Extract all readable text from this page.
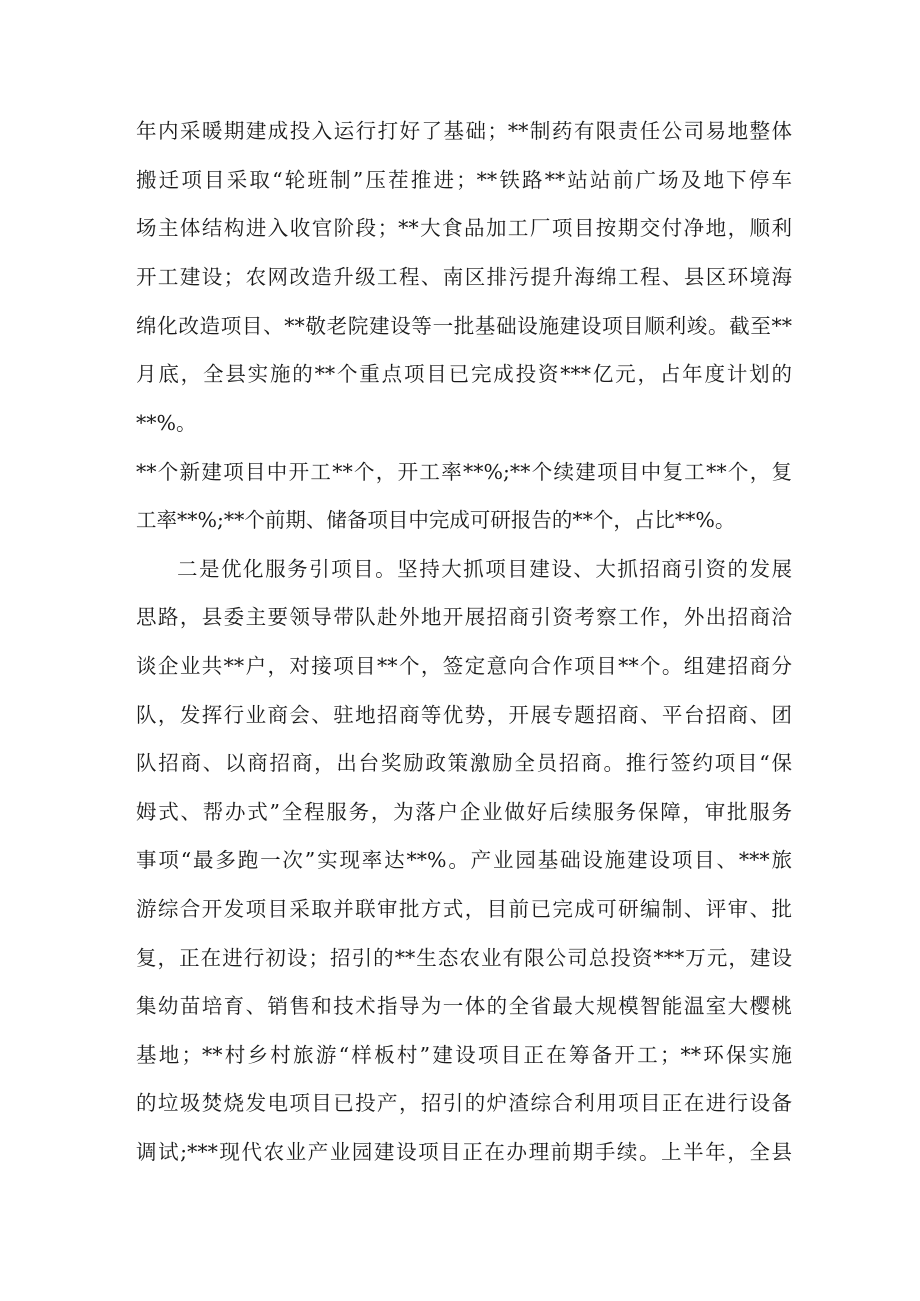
年内采暖期建成投入运行打好了基础；**制药有限责任公司易地整体
搬迁项目采取“轮班制”压茬推进；**铁路**站站前广场及地下停车
场主体结构进入收官阶段；**大食品加工厂项目按期交付净地，顺利
开工建设；农网改造升级工程、南区排污提升海绵工程、县区环境海
绵化改造项目、**敬老院建设等一批基础设施建设项目顺利竣。截至**
月底，全县实施的**个重点项目已完成投资***亿元，占年度计划的
**%。
**个新建项目中开工**个，开工率**%;**个续建项目中复工**个，复
工率**%;**个前期、储备项目中完成可研报告的**个，占比**%。
二是优化服务引项目。坚持大抓项目建设、大抓招商引资的发展
思路，县委主要领导带队赴外地开展招商引资考察工作，外出招商洽
谈企业共**户，对接项目**个，签定意向合作项目**个。组建招商分
队，发挥行业商会、驻地招商等优势，开展专题招商、平台招商、团
队招商、以商招商，出台奖励政策激励全员招商。推行签约项目“保
姆式、帮办式”全程服务，为落户企业做好后续服务保障，审批服务
事项“最多跑一次”实现率达**%。产业园基础设施建设项目、***旅
游综合开发项目采取并联审批方式，目前已完成可研编制、评审、批
复，正在进行初设；招引的**生态农业有限公司总投资***万元，建设
集幼苗培育、销售和技术指导为一体的全省最大规模智能温室大樱桃
基地；**村乡村旅游“样板村”建设项目正在筹备开工；**环保实施
的垃圾焚烧发电项目已投产，招引的炉渣综合利用项目正在进行设备
调试;***现代农业产业园建设项目正在办理前期手续。上半年，全县
